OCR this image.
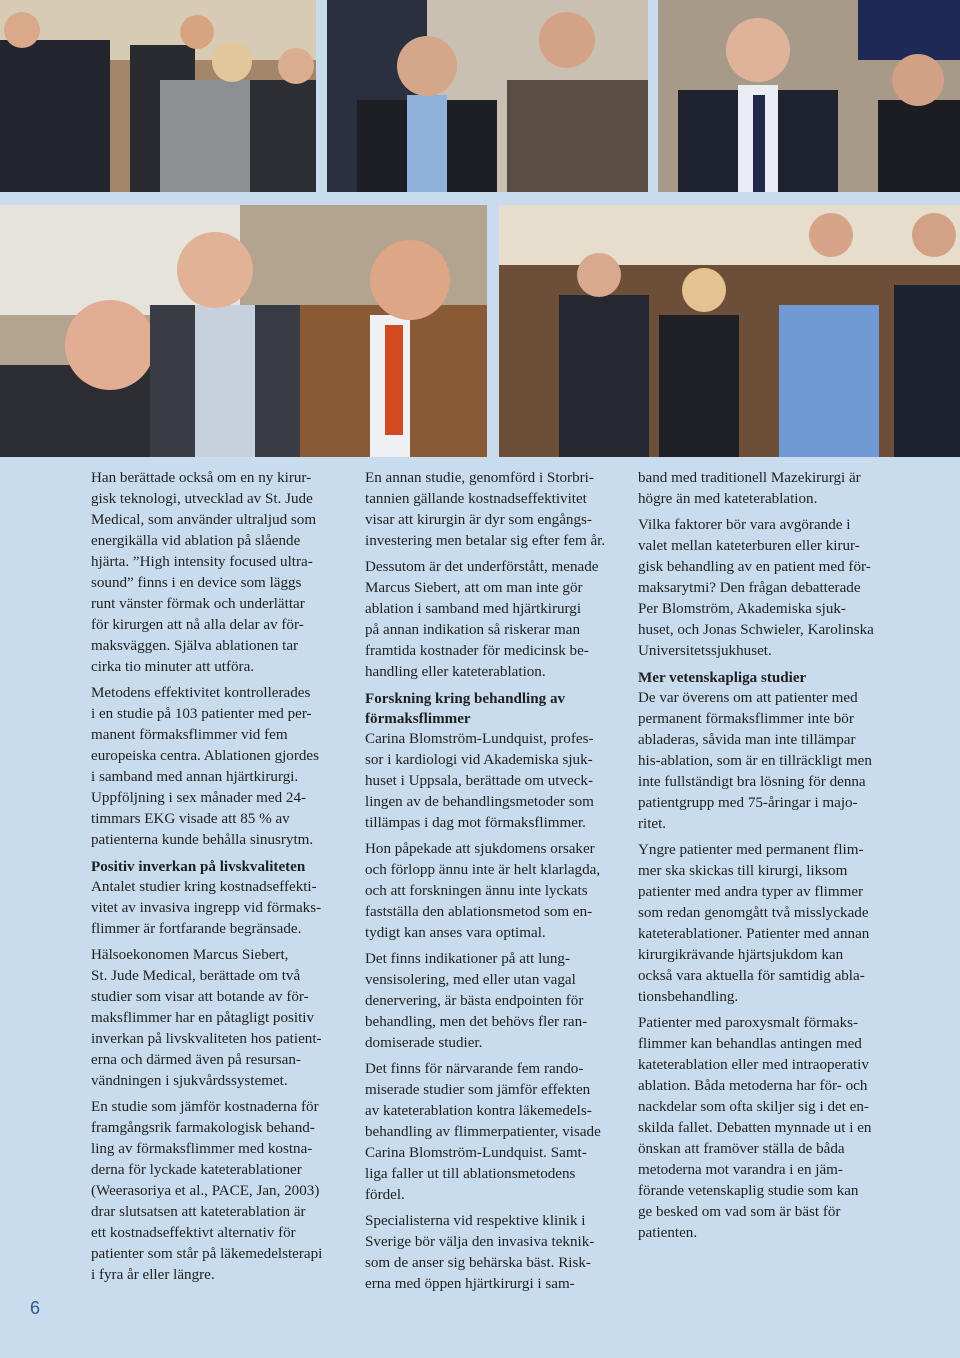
Han berättade också om en ny kirur-
gisk teknologi, utvecklad av St. Jude
Medical, som använder ultraljud som
energikälla vid ablation på slående
hjärta. ”High intensity focused ultra-
sound” finns i en device som läggs
runt vänster förmak och underlättar
för kirurgen att nå alla delar av för-
maksväggen. Själva ablationen tar
cirka tio minuter att utföra.

Metodens effektivitet kontrollerades
i en studie på 103 patienter med per-
manent förmaksflimmer vid fem
europeiska centra. Ablationen gjordes
i samband med annan hjärtkirurgi.
Uppföljning i sex månader med 24-
timmars EKG visade att 85 % av
patienterna kunde behålla sinusrytm.

Positiv inverkan på livskvaliteten

Antalet studier kring kostnadseffekti-
vitet av invasiva ingrepp vid förmaks-
flimmer är fortfarande begränsade.

Hälsoekonomen Marcus Siebert,
St. Jude Medical, berättade om två
studier som visar att botande av för-
maksflimmer har en påtagligt positiv
inverkan på livskvaliteten hos patient-
erna och därmed även på resursan-
vändningen i sjukvårdssystemet.

En studie som jämför kostnaderna för
framgångsrik farmakologisk behand-
ling av förmaksflimmer med kostna-
derna för lyckade kateterablationer
(Weerasoriya et al., PACE, Jan, 2003)
drar slutsatsen att kateterablation är
ett kostnadseffektivt alternativ för
patienter som står på läkemedelsterapi
i fyra år eller längre.

En annan studie, genomförd i Storbri-
tannien gällande kostnadseffektivitet
visar att kirurgin är dyr som engångs-
investering men betalar sig efter fem år.

Dessutom är det underförstått, menade
Marcus Siebert, att om man inte gör
ablation i samband med hjärtkirurgi
på annan indikation så riskerar man
framtida kostnader för medicinsk be-
handling eller kateterablation.

Forskning kring behandling av
förmaksflimmer

Carina Blomström-Lundquist, profes-
sor i kardiologi vid Akademiska sjuk-
huset i Uppsala, berättade om utveck-
lingen av de behandlingsmetoder som
tillämpas i dag mot förmaksflimmer.

Hon påpekade att sjukdomens orsaker
och förlopp ännu inte är helt klarlagda,
och att forskningen ännu inte lyckats
fastställa den ablationsmetod som en-
tydigt kan anses vara optimal.

Det finns indikationer på att lung-
vensisolering, med eller utan vagal
denervering, är bästa endpointen för
behandling, men det behövs fler ran-
domiserade studier.

Det finns för närvarande fem rando-
miserade studier som jämför effekten
av kateterablation kontra läkemedels-
behandling av flimmerpatienter, visade
Carina Blomström-Lundquist. Samt-
liga faller ut till ablationsmetodens
fördel.

Specialisterna vid respektive klinik i
Sverige bör välja den invasiva teknik-
som de anser sig behärska bäst. Risk-
erna med öppen hjärtkirurgi i sam-

band med traditionell Mazekirurgi är
högre än med kateterablation.

Vilka faktorer bör vara avgörande i
valet mellan kateterburen eller kirur-
gisk behandling av en patient med för-
maksarytmi? Den frågan debatterade
Per Blomström, Akademiska sjuk-
huset, och Jonas Schwieler, Karolinska
Universitetssjukhuset.

Mer vetenskapliga studier

De var överens om att patienter med
permanent förmaksflimmer inte bör
abladeras, såvida man inte tillämpar
his-ablation, som är en tillräckligt men
inte fullständigt bra lösning för denna
patientgrupp med 75-åringar i majo-
ritet.

Yngre patienter med permanent flim-
mer ska skickas till kirurgi, liksom
patienter med andra typer av flimmer
som redan genomgått två misslyckade
kateterablationer. Patienter med annan
kirurgikrävande hjärtsjukdom kan
också vara aktuella för samtidig abla-
tionsbehandling.

Patienter med paroxysmalt förmaks-
flimmer kan behandlas antingen med
kateterablation eller med intraoperativ
ablation. Båda metoderna har för- och
nackdelar som ofta skiljer sig i det en-
skilda fallet. Debatten mynnade ut i en
önskan att framöver ställa de båda
metoderna mot varandra i en jäm-
förande vetenskaplig studie som kan
ge besked om vad som är bäst för
patienten.

6
